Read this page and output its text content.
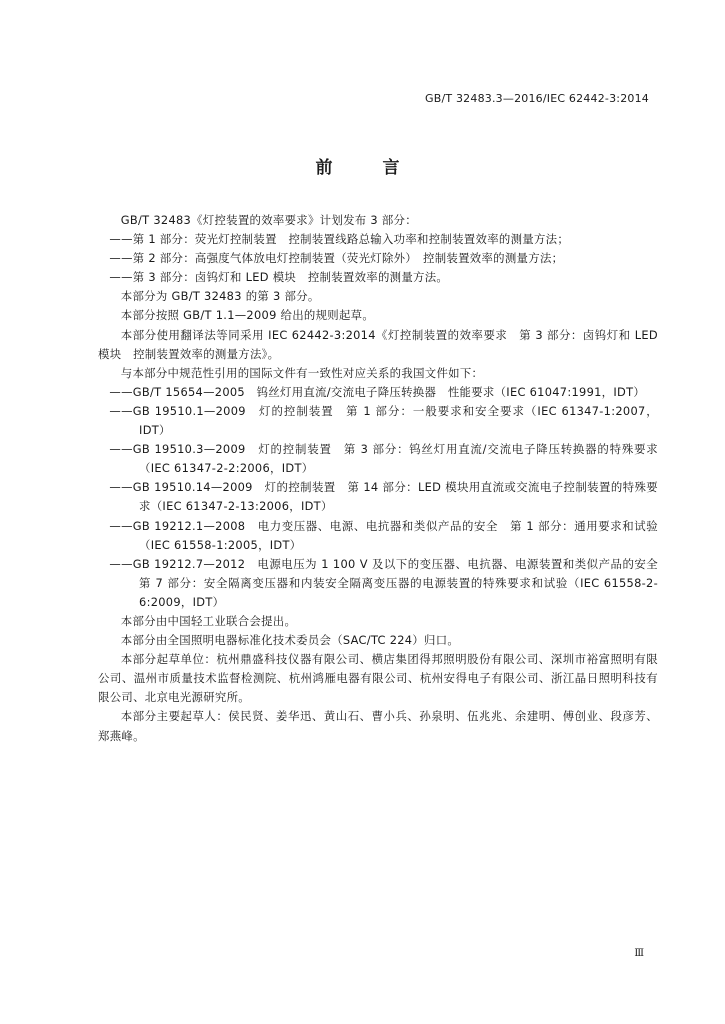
GB/T 32483.3—2016/IEC 62442-3:2014
前 言

GB/T 32483《灯控装置的效率要求》计划发布 3 部分：

——第 1 部分：荧光灯控制装置　控制装置线路总输入功率和控制装置效率的测量方法；

——第 2 部分：高强度气体放电灯控制装置（荧光灯除外）　控制装置效率的测量方法；

——第 3 部分：卤钨灯和 LED 模块　控制装置效率的测量方法。

本部分为 GB/T 32483 的第 3 部分。

本部分按照 GB/T 1.1—2009 给出的规则起草。

本部分使用翻译法等同采用 IEC 62442-3:2014《灯控制装置的效率要求　第 3 部分：卤钨灯和 LED 模块　控制装置效率的测量方法》。

与本部分中规范性引用的国际文件有一致性对应关系的我国文件如下：

——GB/T 15654—2005　钨丝灯用直流/交流电子降压转换器　性能要求（IEC 61047:1991，IDT）

——GB 19510.1—2009　灯的控制装置　第 1 部分：一般要求和安全要求（IEC 61347-1:2007，IDT）

——GB 19510.3—2009　灯的控制装置　第 3 部分：钨丝灯用直流/交流电子降压转换器的特殊要求（IEC 61347-2-2:2006，IDT）

——GB 19510.14—2009　灯的控制装置　第 14 部分：LED 模块用直流或交流电子控制装置的特殊要求（IEC 61347-2-13:2006，IDT）

——GB 19212.1—2008　电力变压器、电源、电抗器和类似产品的安全　第 1 部分：通用要求和试验（IEC 61558-1:2005，IDT）

——GB 19212.7—2012　电源电压为 1 100 V 及以下的变压器、电抗器、电源装置和类似产品的安全　第 7 部分：安全隔离变压器和内装安全隔离变压器的电源装置的特殊要求和试验（IEC 61558-2-6:2009，IDT）

本部分由中国轻工业联合会提出。

本部分由全国照明电器标准化技术委员会（SAC/TC 224）归口。

本部分起草单位：杭州鼎盛科技仪器有限公司、横店集团得邦照明股份有限公司、深圳市裕富照明有限公司、温州市质量技术监督检测院、杭州鸿雁电器有限公司、杭州安得电子有限公司、浙江晶日照明科技有限公司、北京电光源研究所。

本部分主要起草人：侯民贤、姜华迅、黄山石、曹小兵、孙泉明、伍兆兆、余建明、傅创业、段彦芳、郑燕峰。

Ⅲ
